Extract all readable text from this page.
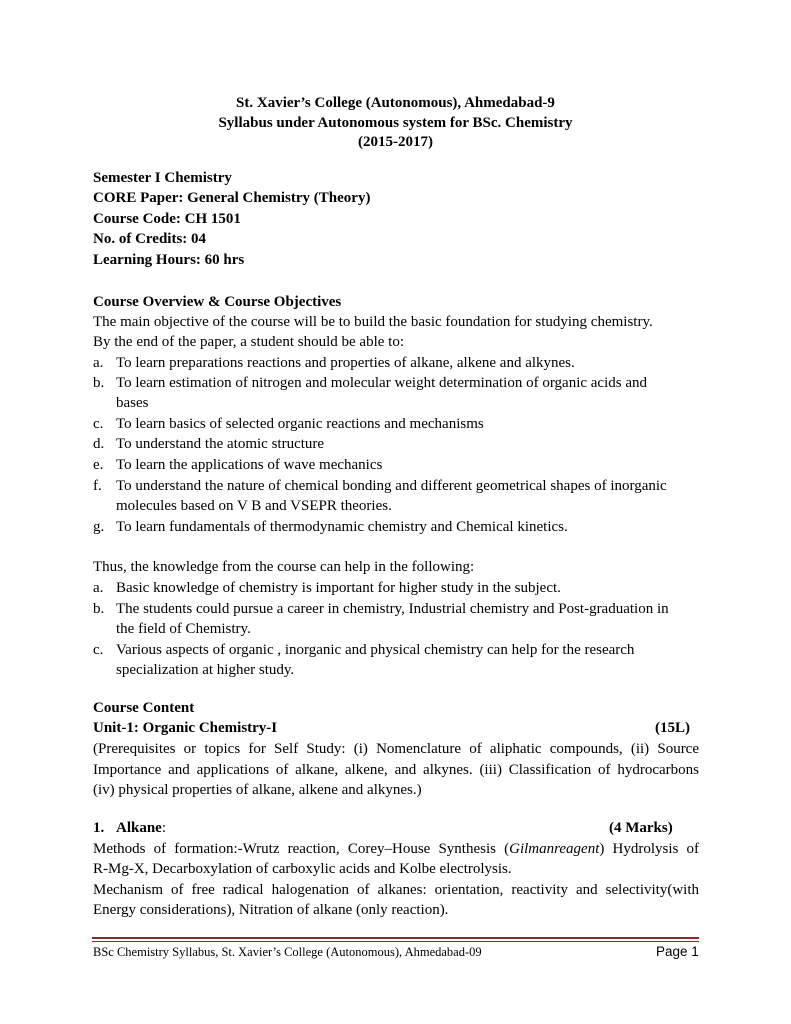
St. Xavier’s College (Autonomous), Ahmedabad-9
Syllabus under Autonomous system for BSc. Chemistry
(2015-2017)
Semester I Chemistry
CORE Paper: General Chemistry (Theory)
Course Code: CH 1501
No. of Credits: 04
Learning Hours: 60 hrs
Course Overview & Course Objectives
The main objective of the course will be to build the basic foundation for studying chemistry.
By the end of the paper, a student should be able to:
a. To learn preparations reactions and properties of alkane, alkene and alkynes.
b. To learn estimation of nitrogen and molecular weight determination of organic acids and
bases
c. To learn basics of selected organic reactions and mechanisms
d. To understand the atomic structure
e. To learn the applications of wave mechanics
f. To understand the nature of chemical bonding and different geometrical shapes of inorganic
molecules based on V B and VSEPR theories.
g. To learn fundamentals of thermodynamic chemistry and Chemical kinetics.
Thus, the knowledge from the course can help in the following:
a. Basic knowledge of chemistry is important for higher study in the subject.
b. The students could pursue a career in chemistry, Industrial chemistry and Post-graduation in
the field of Chemistry.
c. Various aspects of organic , inorganic and physical chemistry can help for the research
specialization at higher study.
Course Content
Unit-1: Organic Chemistry-I	(15L)
(Prerequisites or topics for Self Study: (i) Nomenclature of aliphatic compounds, (ii) Source
Importance and applications of alkane, alkene, and alkynes. (iii) Classification of hydrocarbons
(iv) physical properties of alkane, alkene and alkynes.)
1. Alkane:	(4 Marks)
Methods of formation:-Wrutz reaction, Corey–House Synthesis (Gilmanreagent) Hydrolysis of
R-Mg-X, Decarboxylation of carboxylic acids and Kolbe electrolysis.
Mechanism of free radical halogenation of alkanes: orientation, reactivity and selectivity(with
Energy considerations), Nitration of alkane (only reaction).
BSc Chemistry Syllabus, St. Xavier’s College (Autonomous), Ahmedabad-09	Page 1
